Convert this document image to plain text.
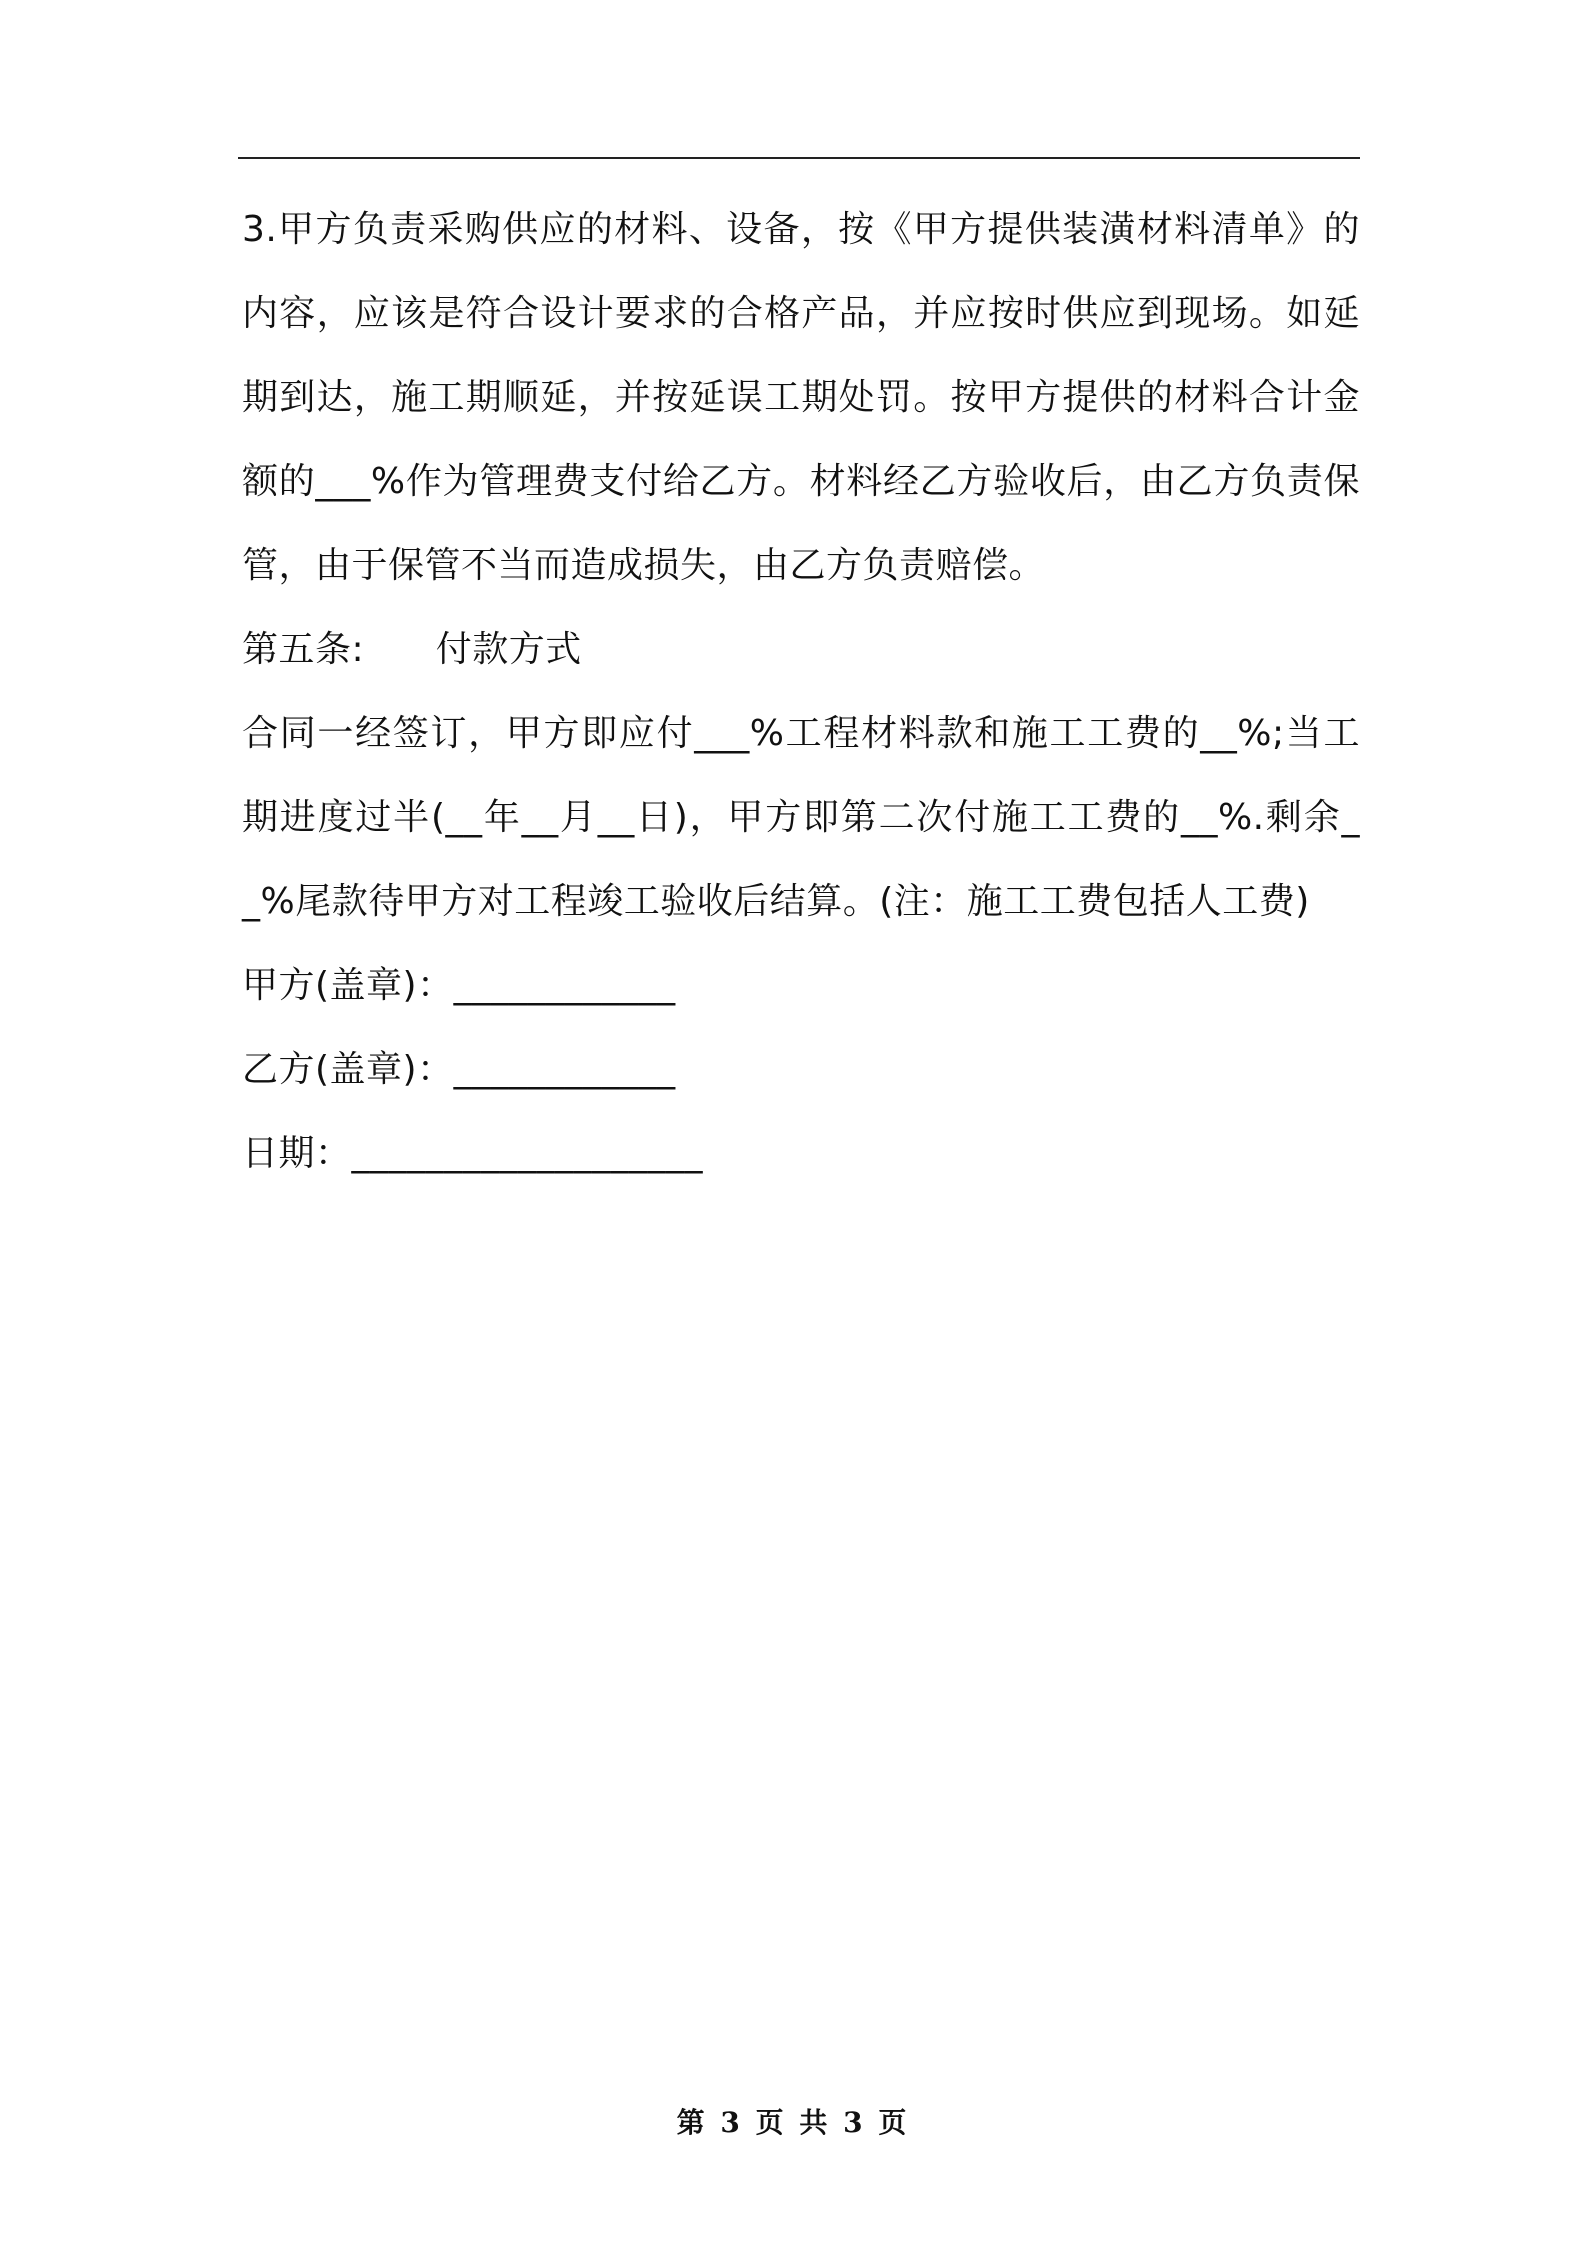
3.甲方负责采购供应的材料、设备，按《甲方提供装潢材料清单》的内容，应该是符合设计要求的合格产品，并应按时供应到现场。如延期到达，施工期顺延，并按延误工期处罚。按甲方提供的材料合计金额的___%作为管理费支付给乙方。材料经乙方验收后，由乙方负责保管，由于保管不当而造成损失，由乙方负责赔偿。

第五条:      付款方式

合同一经签订，甲方即应付___%工程材料款和施工工费的__%;当工期进度过半(__年__月__日)，甲方即第二次付施工工费的__%.剩余__%尾款待甲方对工程竣工验收后结算。(注：施工工费包括人工费)

甲方(盖章)：____________

乙方(盖章)：____________

日期：___________________

第 3 页 共 3 页
